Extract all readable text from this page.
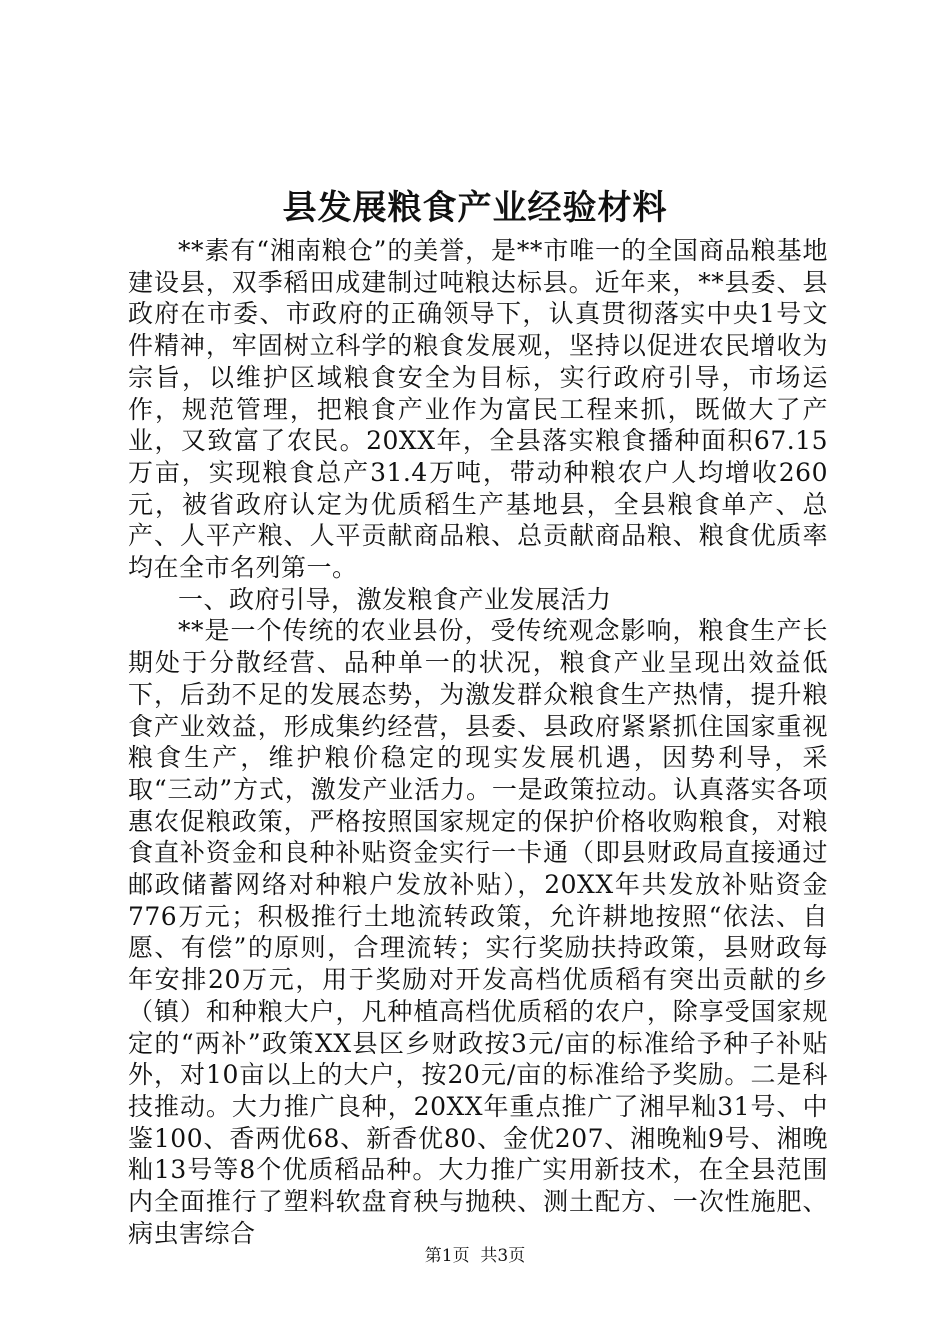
县发展粮食产业经验材料

**素有“湘南粮仓”的美誉，是**市唯一的全国商品粮基地建设县，双季稻田成建制过吨粮达标县。近年来，**县委、县政府在市委、市政府的正确领导下，认真贯彻落实中央1号文件精神，牢固树立科学的粮食发展观，坚持以促进农民增收为宗旨，以维护区域粮食安全为目标，实行政府引导，市场运作，规范管理，把粮食产业作为富民工程来抓，既做大了产业，又致富了农民。20XX年，全县落实粮食播种面积67.15万亩，实现粮食总产31.4万吨，带动种粮农户人均增收260元，被省政府认定为优质稻生产基地县，全县粮食单产、总产、人平产粮、人平贡献商品粮、总贡献商品粮、粮食优质率均在全市名列第一。

一、政府引导，激发粮食产业发展活力

**是一个传统的农业县份，受传统观念影响，粮食生产长期处于分散经营、品种单一的状况，粮食产业呈现出效益低下，后劲不足的发展态势，为激发群众粮食生产热情，提升粮食产业效益，形成集约经营，县委、县政府紧紧抓住国家重视粮食生产，维护粮价稳定的现实发展机遇，因势利导，采取“三动”方式，激发产业活力。一是政策拉动。认真落实各项惠农促粮政策，严格按照国家规定的保护价格收购粮食，对粮食直补资金和良种补贴资金实行一卡通（即县财政局直接通过邮政储蓄网络对种粮户发放补贴），20XX年共发放补贴资金776万元；积极推行土地流转政策，允许耕地按照“依法、自愿、有偿”的原则，合理流转；实行奖励扶持政策，县财政每年安排20万元，用于奖励对开发高档优质稻有突出贡献的乡（镇）和种粮大户，凡种植高档优质稻的农户，除享受国家规定的“两补”政策XX县区乡财政按3元/亩的标准给予种子补贴外，对10亩以上的大户，按20元/亩的标准给予奖励。二是科技推动。大力推广良种，20XX年重点推广了湘早籼31号、中鉴100、香两优68、新香优80、金优207、湘晚籼9号、湘晚籼13号等8个优质稻品种。大力推广实用新技术，在全县范围内全面推行了塑料软盘育秧与抛秧、测土配方、一次性施肥、病虫害综合

第1页 共3页
